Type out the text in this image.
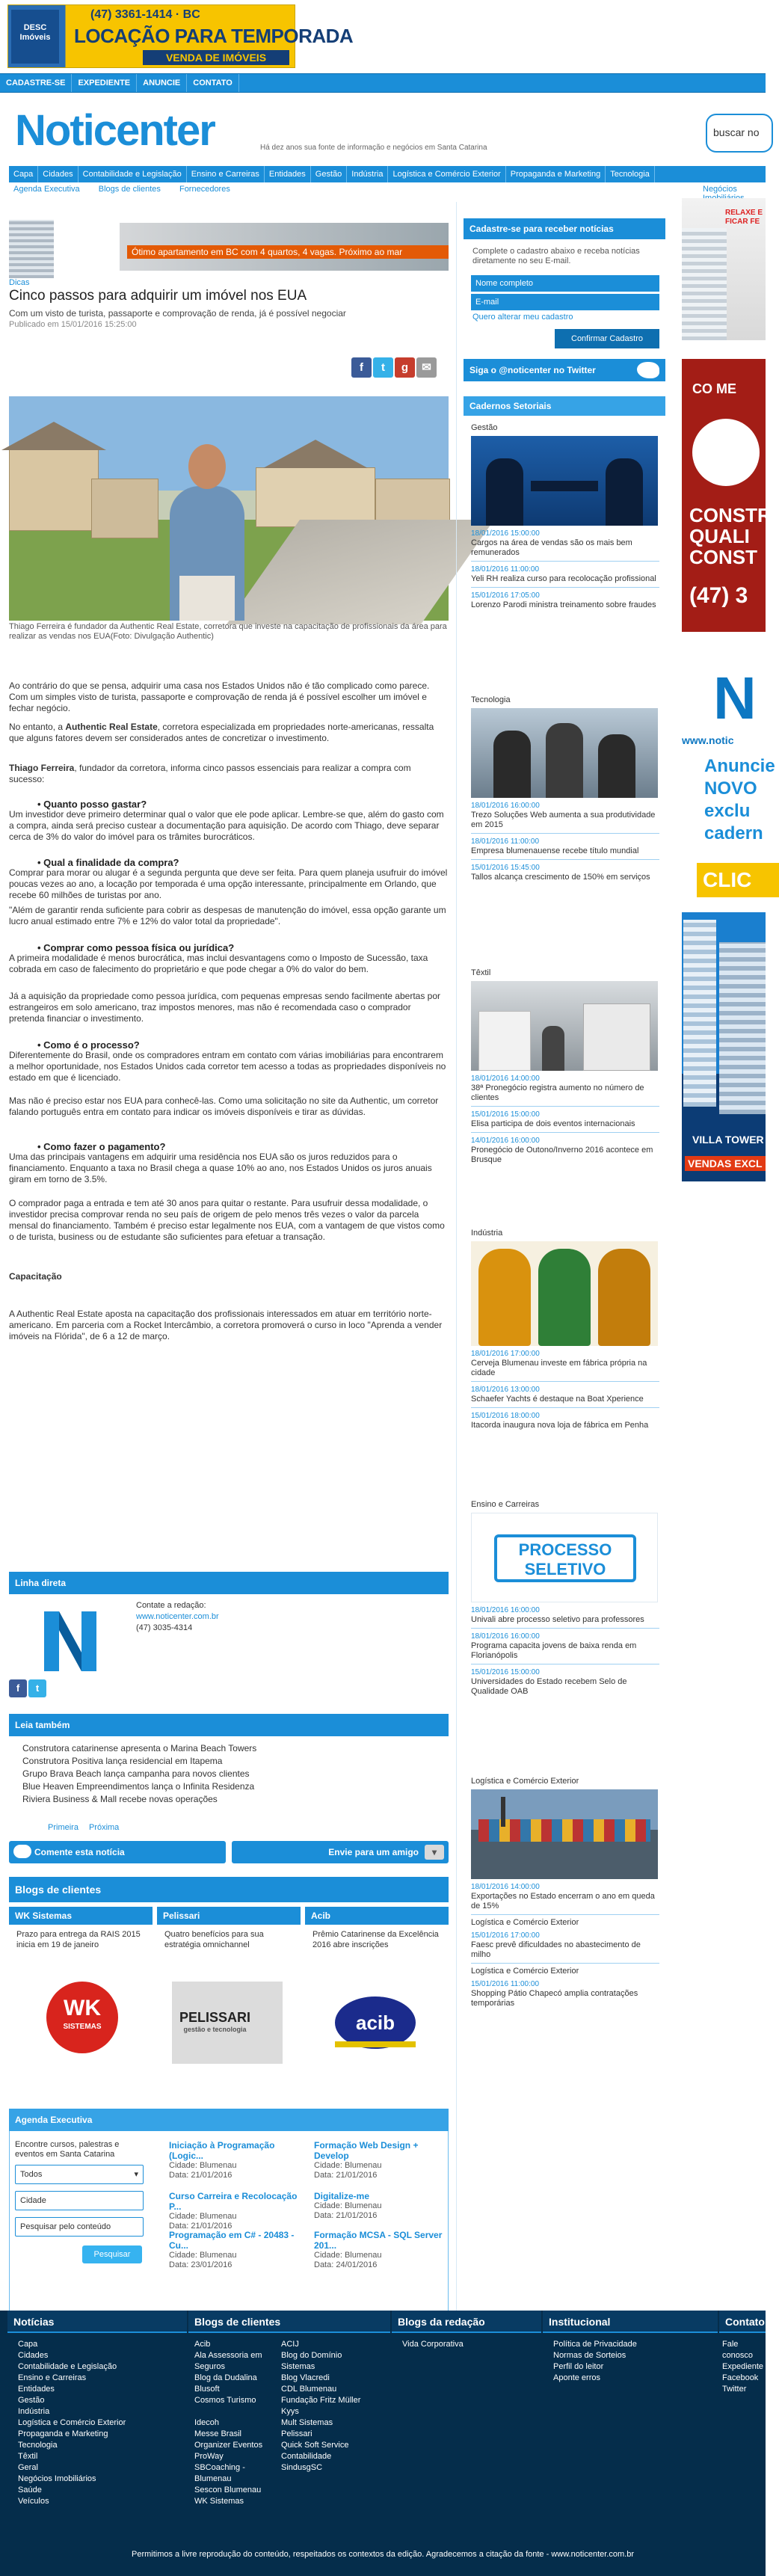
DESC Imóveis
(47) 3361-1414 · BC
LOCAÇÃO PARA TEMPORADA
VENDA DE IMÓVEIS
CADASTRE-SE EXPEDIENTE ANUNCIE CONTATO
Noticenter	Há dez anos sua fonte de informação e negócios em Santa Catarina
buscar no
Capa Cidades Contabilidade e Legislação Ensino e Carreiras Entidades Gestão Indústria Logística e Comércio Exterior Propaganda e Marketing Tecnologia
Agenda Executiva Blogs de clientes Fornecedores	Negócios
Ótimo apartamento em BC com 4 quartos, 4 vagas. Próximo ao mar
Dicas
Cinco passos para adquirir um imóvel nos EUA
Com um visto de turista, passaporte e comprovação de renda, já é possível negociar
Publicado em 15/01/2016 15:25:00
f t g ✉
Thiago Ferreira é fundador da Authentic Real Estate, corretora que investe na capacitação de profissionais da área para realizar as vendas nos EUA(Foto: Divulgação Authentic)
Ao contrário do que se pensa, adquirir uma casa nos Estados Unidos não é tão complicado como parece. Com um simples visto de turista, passaporte e comprovação de renda já é possível escolher um imóvel e fechar negócio.
No entanto, a Authentic Real Estate, corretora especializada em propriedades norte-americanas, ressalta que alguns fatores devem ser considerados antes de concretizar o investimento.
Thiago Ferreira, fundador da corretora, informa cinco passos essenciais para realizar a compra com sucesso:
• Quanto posso gastar?
Um investidor deve primeiro determinar qual o valor que ele pode aplicar. Lembre-se que, além do gasto com a compra, ainda será preciso custear a documentação para aquisição. De acordo com Thiago, deve separar cerca de 3% do valor do imóvel para os trâmites burocráticos.
• Qual a finalidade da compra?
Comprar para morar ou alugar é a segunda pergunta que deve ser feita. Para quem planeja usufruir do imóvel poucas vezes ao ano, a locação por temporada é uma opção interessante, principalmente em Orlando, que recebe 60 milhões de turistas por ano.
"Além de garantir renda suficiente para cobrir as despesas de manutenção do imóvel, essa opção garante um lucro anual estimado entre 7% e 12% do valor total da propriedade".
• Comprar como pessoa física ou jurídica?
A primeira modalidade é menos burocrática, mas inclui desvantagens como o Imposto de Sucessão, taxa cobrada em caso de falecimento do proprietário e que pode chegar a 0% do valor do bem.
Já a aquisição da propriedade como pessoa jurídica, com pequenas empresas sendo facilmente abertas por estrangeiros em solo americano, traz impostos menores, mas não é recomendada caso o comprador pretenda financiar o investimento.
• Como é o processo?
Diferentemente do Brasil, onde os compradores entram em contato com várias imobiliárias para encontrarem a melhor oportunidade, nos Estados Unidos cada corretor tem acesso a todas as propriedades disponíveis no estado em que é licenciado.
Mas não é preciso estar nos EUA para conhecê-las. Como uma solicitação no site da Authentic, um corretor falando português entra em contato para indicar os imóveis disponíveis e tirar as dúvidas.
• Como fazer o pagamento?
Uma das principais vantagens em adquirir uma residência nos EUA são os juros reduzidos para o financiamento. Enquanto a taxa no Brasil chega a quase 10% ao ano, nos Estados Unidos os juros anuais giram em torno de 3.5%.
O comprador paga a entrada e tem até 30 anos para quitar o restante. Para usufruir dessa modalidade, o investidor precisa comprovar renda no seu país de origem de pelo menos três vezes o valor da parcela mensal do financiamento. Também é preciso estar legalmente nos EUA, com a vantagem de que vistos como o de turista, business ou de estudante são suficientes para efetuar a transação.
Capacitação
A Authentic Real Estate aposta na capacitação dos profissionais interessados em atuar em território norte-americano. Em parceria com a Rocket Intercâmbio, a corretora promoverá o curso in loco "Aprenda a vender imóveis na Flórida", de 6 a 12 de março.
Linha direta
Contate a redação:
www.noticenter.com.br
(47) 3035-4314
f t
Leia também
Construtora catarinense apresenta o Marina Beach Towers
Construtora Positiva lança residencial em Itapema
Grupo Brava Beach lança campanha para novos clientes
Blue Heaven Empreendimentos lança o Infinita Residenza
Riviera Business & Mall recebe novas operações
Primeira Próxima
Comente esta notícia	Envie para um amigo	▾
Blogs de clientes
WK Sistemas
Prazo para entrega da RAIS 2015 inicia em 19 de janeiro
WK
SISTEMAS
Pelissari
Quatro benefícios para sua estratégia omnichannel
PELISSARI
gestão e tecnologia
Acib
Prêmio Catarinense da Excelência 2016 abre inscrições
acib
Agenda Executiva
Encontre cursos, palestras e eventos em Santa Catarina
Todos	▾
Cidade
Pesquisar pelo conteúdo
Pesquisar
Iniciação à Programação (Logic...
Cidade: Blumenau
Data: 21/01/2016
Formação Web Design + Develop
Cidade: Blumenau
Data: 21/01/2016
Curso Carreira e Recolocação P...
Cidade: Blumenau
Data: 21/01/2016
Digitalize-me
Cidade: Blumenau
Data: 21/01/2016
Programação em C# - 20483 - Cu...
Cidade: Blumenau
Data: 23/01/2016
Formação MCSA - SQL Server 201...
Cidade: Blumenau
Data: 24/01/2016
Cadastre-se para receber notícias
Complete o cadastro abaixo e receba notícias diretamente no seu E-mail.
Nome completo
E-mail
Quero alterar meu cadastro
Confirmar Cadastro
Siga o @noticenter no Twitter
Cadernos Setoriais
Gestão
18/01/2016 15:00:00
Cargos na área de vendas são os mais bem remunerados
18/01/2016 11:00:00
Yeli RH realiza curso para recolocação profissional
15/01/2016 17:05:00
Lorenzo Parodi ministra treinamento sobre fraudes
Tecnologia
18/01/2016 16:00:00
Trezo Soluções Web aumenta a sua produtividade em 2015
18/01/2016 11:00:00
Empresa blumenauense recebe título mundial
15/01/2016 15:45:00
Tallos alcança crescimento de 150% em serviços
Têxtil
18/01/2016 14:00:00
38ª Pronegócio registra aumento no número de clientes
15/01/2016 15:00:00
Elisa participa de dois eventos internacionais
14/01/2016 16:00:00
Pronegócio de Outono/Inverno 2016 acontece em Brusque
Indústria
18/01/2016 17:00:00
Cerveja Blumenau investe em fábrica própria na cidade
18/01/2016 13:00:00
Schaefer Yachts é destaque na Boat Xperience
15/01/2016 18:00:00
Itacorda inaugura nova loja de fábrica em Penha
Ensino e Carreiras
PROCESSO SELETIVO
18/01/2016 16:00:00
Univali abre processo seletivo para professores
18/01/2016 16:00:00
Programa capacita jovens de baixa renda em Florianópolis
15/01/2016 15:00:00
Universidades do Estado recebem Selo de Qualidade OAB
Logística e Comércio Exterior
18/01/2016 14:00:00
Exportações no Estado encerram o ano em queda de 15%
Logística e Comércio Exterior
15/01/2016 17:00:00
Faesc prevê dificuldades no abastecimento de milho
Logística e Comércio Exterior
15/01/2016 11:00:00
Shopping Pátio Chapecó amplia contratações temporárias
RELAXE E FICAR FE
CO ME
CONSTR QUALI CONST
(47) 3
N
www.notic
Anuncie NOVO exclu cadern
CLIC
VILLA TOWER
VENDAS EXCL
Notícias
Capa
Cidades
Contabilidade e Legislação
Ensino e Carreiras
Entidades
Gestão
Indústria
Logística e Comércio Exterior
Propaganda e Marketing
Tecnologia
Têxtil
Geral
Negócios Imobiliários
Saúde
Veículos
Blogs de clientes
Acib
Ala Assessoria em Seguros
Blog da Dudalina
Blusoft
Cosmos Turismo

Idecoh
Messe Brasil
Organizer Eventos
ProWay
SBCoaching - Blumenau
Sescon Blumenau
WK Sistemas
ACIJ
Blog do Domínio Sistemas
Blog Vlacredi
CDL Blumenau
Fundação Fritz Müller
Kyys
Mult Sistemas
Pelissari
Quick Soft Service
Contabilidade
SindusgSC
Blogs da redação
Vida Corporativa
Institucional
Política de Privacidade
Normas de Sorteios
Perfil do leitor
Aponte erros
Contato
Fale conosco
Expediente
Facebook
Twitter
Permitimos a livre reprodução do conteúdo, respeitados os contextos da edição. Agradecemos a citação da fonte - www.noticenter.com.br
